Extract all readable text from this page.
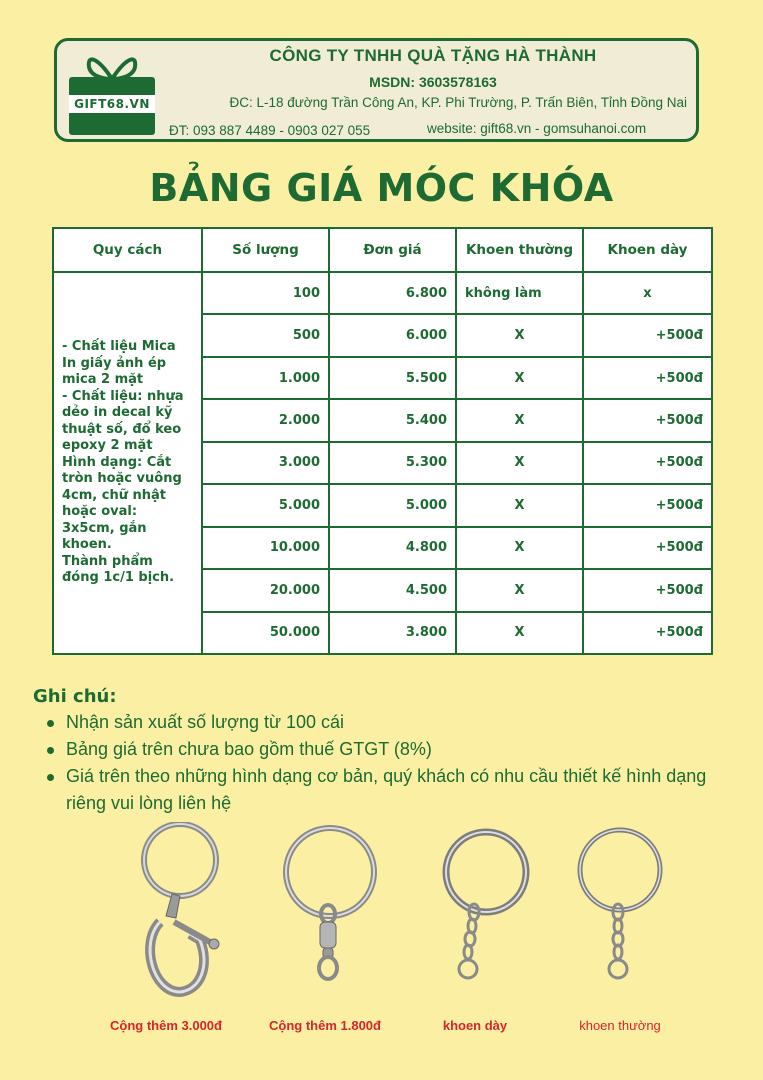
GIFT68.VN
CÔNG TY TNHH QUÀ TẶNG HÀ THÀNH
MSDN: 3603578163
ĐC: L-18 đường Trần Công An, KP. Phi Trường, P. Trấn Biên, Tỉnh Đồng Nai
ĐT: 093 887 4489 - 0903 027 055	website: gift68.vn - gomsuhanoi.com
BẢNG GIÁ MÓC KHÓA
Quy cách	Số lượng	Đơn giá	Khoen thường	Khoen dày
- Chất liệu Mica
In giấy ảnh ép mica 2 mặt
- Chất liệu: nhựa dẻo in decal kỹ thuật số, đổ keo epoxy 2 mặt
Hình dạng: Cắt tròn hoặc vuông 4cm, chữ nhật hoặc oval: 3x5cm, gắn khoen.
Thành phẩm đóng 1c/1 bịch.	100	6.800	không làm	x
	500	6.000	X	+500đ
	1.000	5.500	X	+500đ
	2.000	5.400	X	+500đ
	3.000	5.300	X	+500đ
	5.000	5.000	X	+500đ
	10.000	4.800	X	+500đ
	20.000	4.500	X	+500đ
	50.000	3.800	X	+500đ
Ghi chú:
Nhận sản xuất số lượng từ 100 cái
Bảng giá trên chưa bao gồm thuế GTGT (8%)
Giá trên theo những hình dạng cơ bản, quý khách có nhu cầu thiết kế hình dạng riêng vui lòng liên hệ
Cộng thêm 3.000đ	Cộng thêm 1.800đ	khoen dày	khoen thường
